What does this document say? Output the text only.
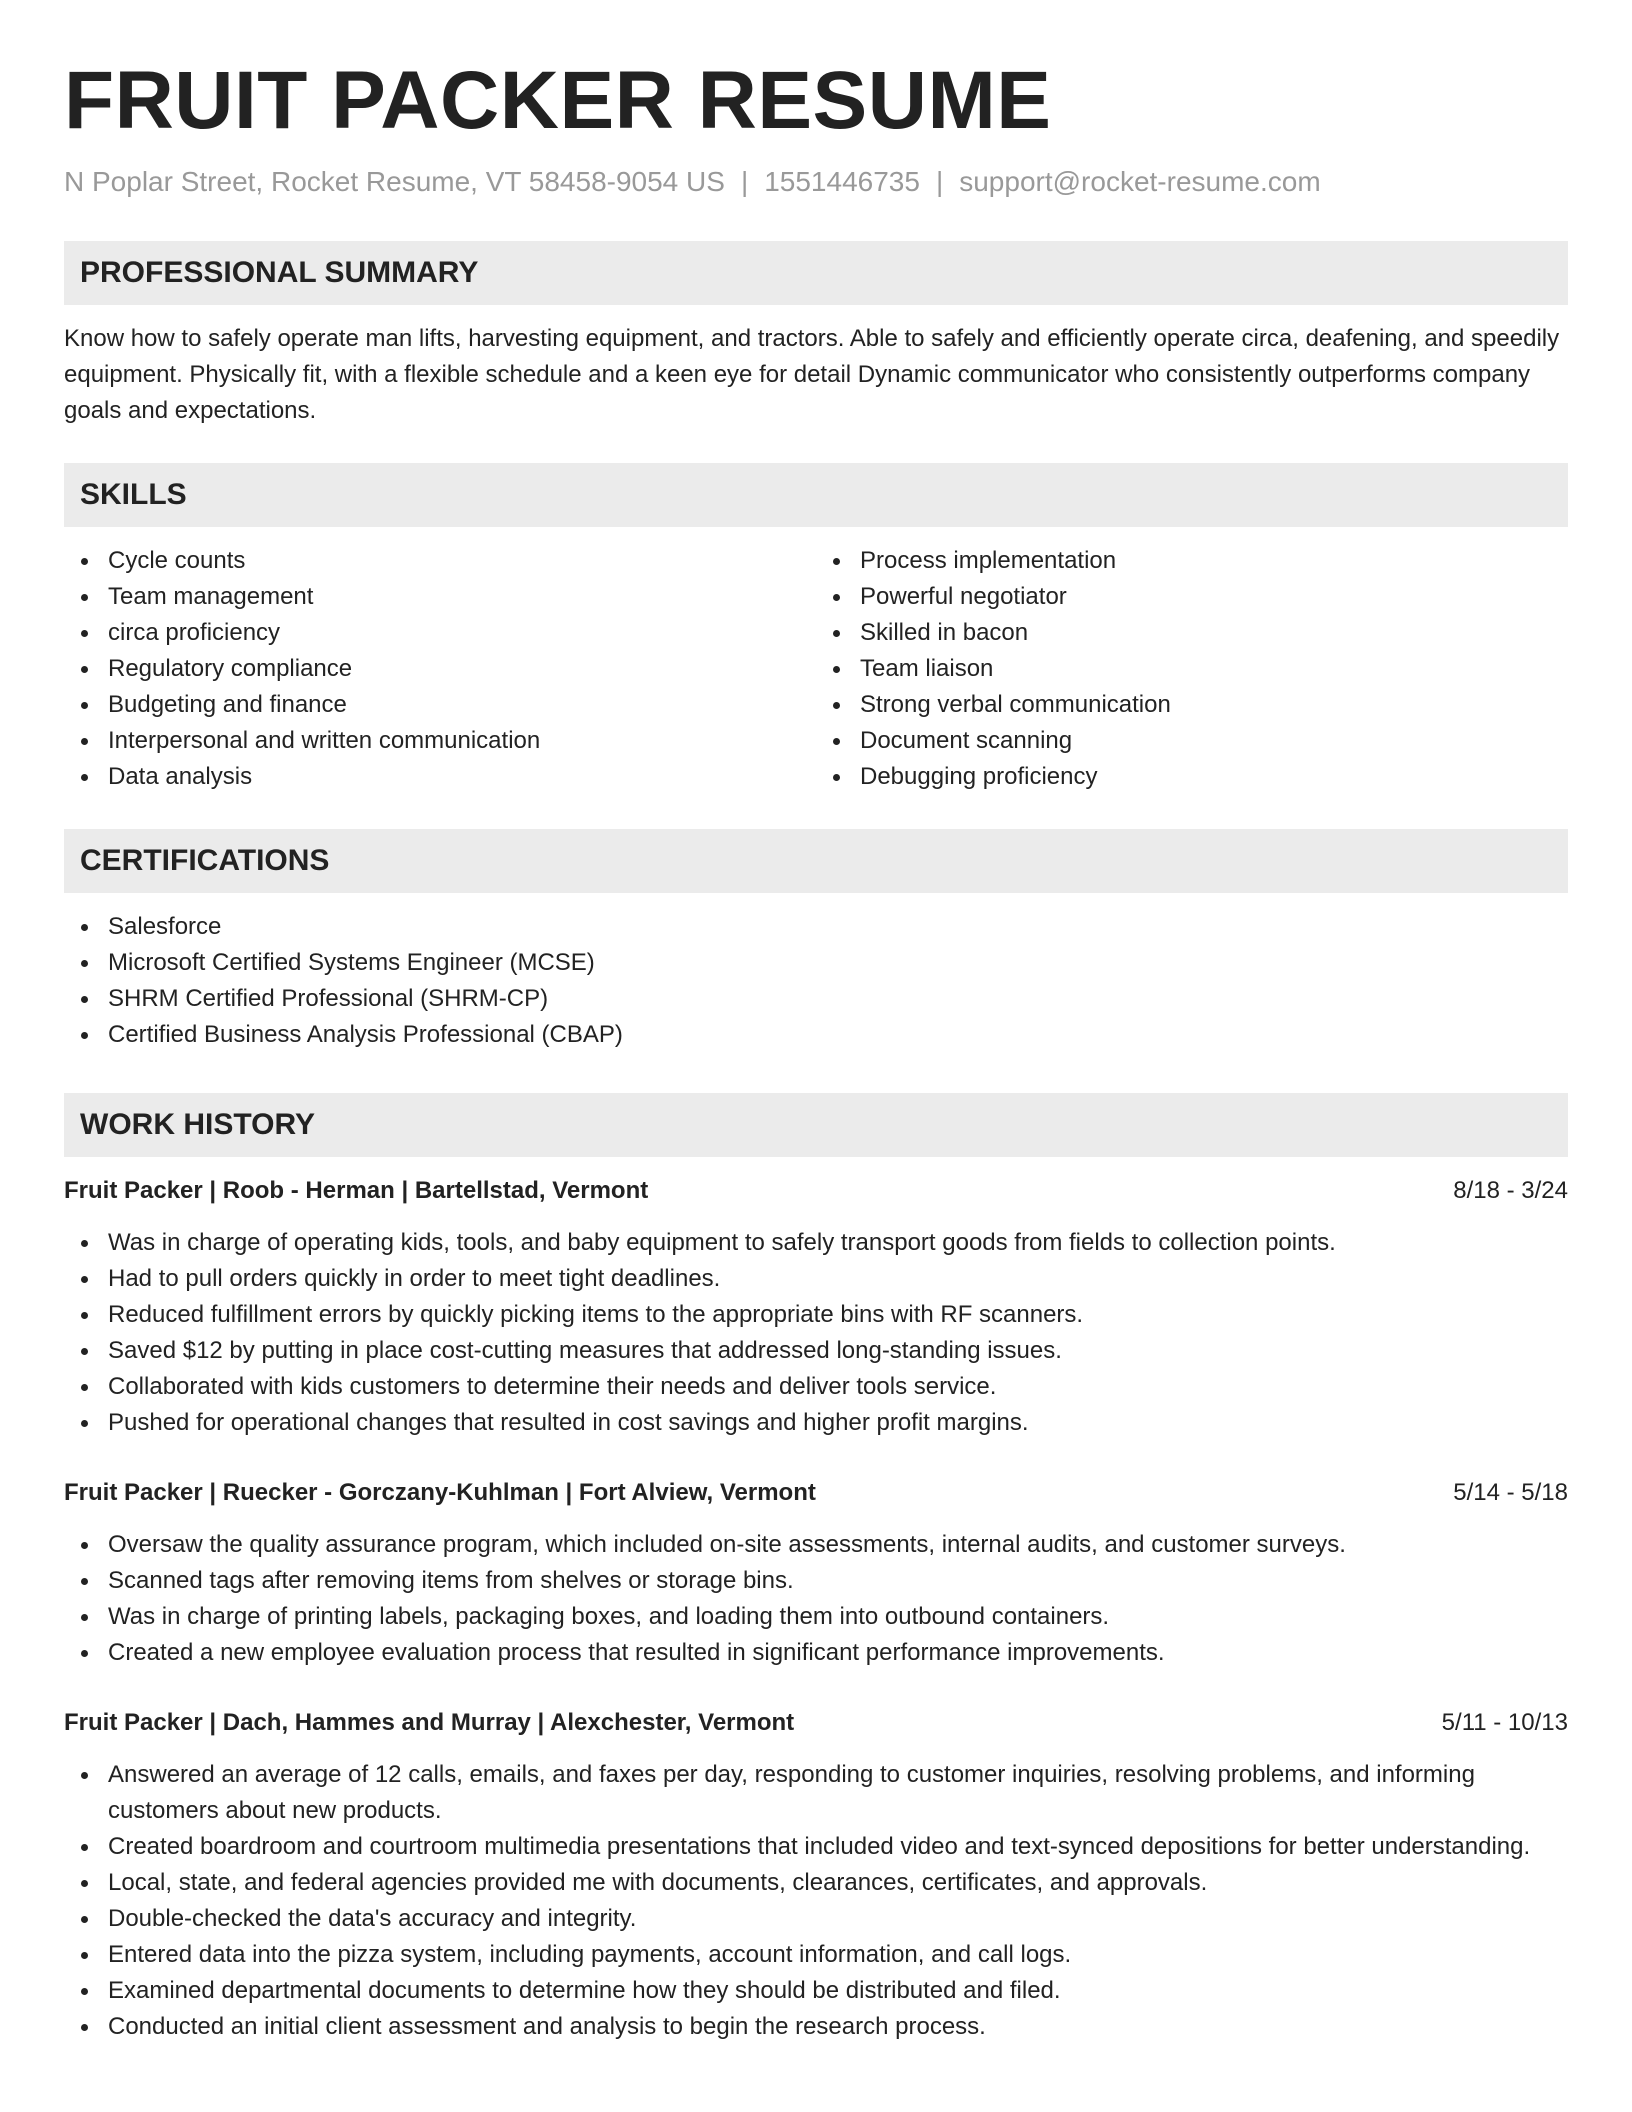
FRUIT PACKER RESUME
N Poplar Street, Rocket Resume, VT 58458-9054 US | 1551446735 | support@rocket-resume.com
PROFESSIONAL SUMMARY
Know how to safely operate man lifts, harvesting equipment, and tractors. Able to safely and efficiently operate circa, deafening, and speedily equipment. Physically fit, with a flexible schedule and a keen eye for detail Dynamic communicator who consistently outperforms company goals and expectations.
SKILLS
Cycle counts
Team management
circa proficiency
Regulatory compliance
Budgeting and finance
Interpersonal and written communication
Data analysis
Process implementation
Powerful negotiator
Skilled in bacon
Team liaison
Strong verbal communication
Document scanning
Debugging proficiency
CERTIFICATIONS
Salesforce
Microsoft Certified Systems Engineer (MCSE)
SHRM Certified Professional (SHRM-CP)
Certified Business Analysis Professional (CBAP)
WORK HISTORY
Fruit Packer | Roob - Herman | Bartellstad, Vermont	8/18 - 3/24
Was in charge of operating kids, tools, and baby equipment to safely transport goods from fields to collection points.
Had to pull orders quickly in order to meet tight deadlines.
Reduced fulfillment errors by quickly picking items to the appropriate bins with RF scanners.
Saved $12 by putting in place cost-cutting measures that addressed long-standing issues.
Collaborated with kids customers to determine their needs and deliver tools service.
Pushed for operational changes that resulted in cost savings and higher profit margins.
Fruit Packer | Ruecker - Gorczany-Kuhlman | Fort Alview, Vermont	5/14 - 5/18
Oversaw the quality assurance program, which included on-site assessments, internal audits, and customer surveys.
Scanned tags after removing items from shelves or storage bins.
Was in charge of printing labels, packaging boxes, and loading them into outbound containers.
Created a new employee evaluation process that resulted in significant performance improvements.
Fruit Packer | Dach, Hammes and Murray | Alexchester, Vermont	5/11 - 10/13
Answered an average of 12 calls, emails, and faxes per day, responding to customer inquiries, resolving problems, and informing customers about new products.
Created boardroom and courtroom multimedia presentations that included video and text-synced depositions for better understanding.
Local, state, and federal agencies provided me with documents, clearances, certificates, and approvals.
Double-checked the data's accuracy and integrity.
Entered data into the pizza system, including payments, account information, and call logs.
Examined departmental documents to determine how they should be distributed and filed.
Conducted an initial client assessment and analysis to begin the research process.
